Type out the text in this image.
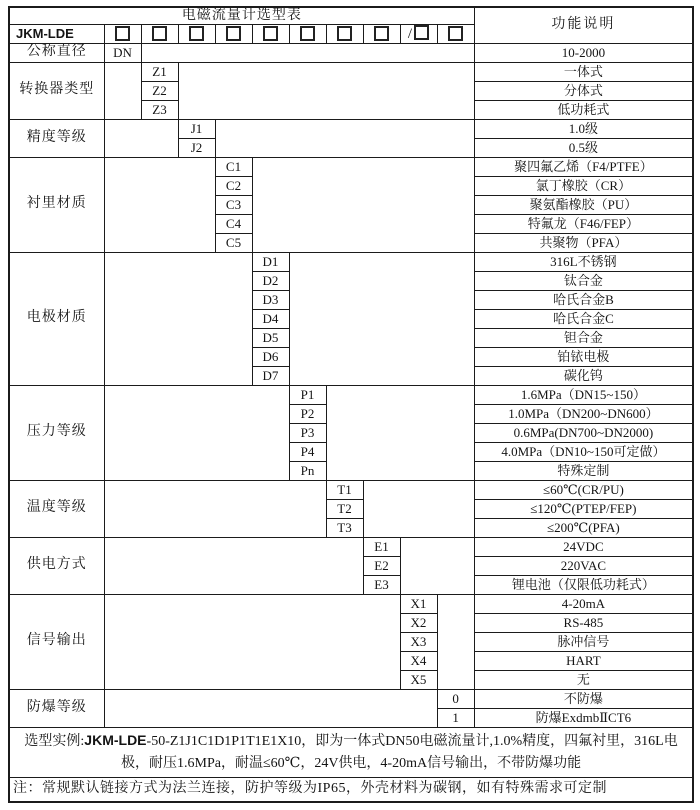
电磁流量计选型表											功能说明
JKM-LDE									/		
公称直径	DN										10-2000
转换器类型		Z1									一体式
		Z2									分体式
		Z3									低功耗式
精度等级			J1								1.0级
			J2								0.5级
衬里材质				C1							聚四氟乙烯（F4/PTFE）
				C2							氯丁橡胶（CR）
				C3							聚氨酯橡胶（PU）
				C4							特氟龙（F46/FEP）
				C5							共聚物（PFA）
电极材质					D1						316L不锈钢
					D2						钛合金
					D3						哈氏合金B
					D4						哈氏合金C
					D5						钽合金
					D6						铂铱电极
					D7						碳化钨
压力等级						P1					1.6MPa（DN15~150）
						P2					1.0MPa（DN200~DN600）
						P3					0.6MPa(DN700~DN2000)
						P4					4.0MPa（DN10~150可定做）
						Pn					特殊定制
温度等级							T1				≤60℃(CR/PU)
							T2				≤120℃(PTEP/FEP)
							T3				≤200℃(PFA)
供电方式								E1			24VDC
								E2			220VAC
								E3			锂电池（仅限低功耗式）
信号输出									X1		4-20mA
									X2		RS-485
									X3		脉冲信号
									X4		HART
									X5		无
防爆等级										0	不防爆
										1	防爆ExdmbⅡCT6
选型实例:JKM-LDE-50-Z1J1C1D1P1T1E1X10，即为一体式DN50电磁流量计,1.0%精度，四氟衬里，316L电极，耐压1.6MPa，耐温≤60℃，24V供电，4-20mA信号输出，不带防爆功能											
注：常规默认链接方式为法兰连接，防护等级为IP65，外壳材料为碳钢，如有特殊需求可定制											
